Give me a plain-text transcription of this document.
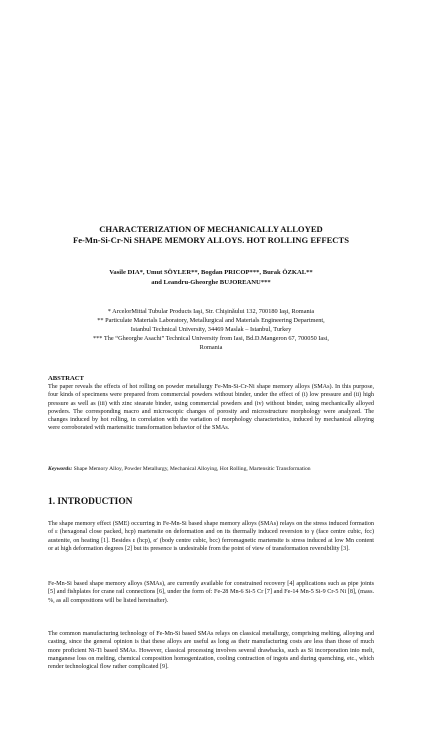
CHARACTERIZATION OF MECHANICALLY ALLOYED
Fe-Mn-Si-Cr-Ni SHAPE MEMORY ALLOYS. HOT ROLLING EFFECTS
Vasile DIA*, Umut SÖYLER**, Bogdan PRICOP***, Burak ÖZKAL**
and Leandru-Gheorghe BUJOREANU***
* ArcelorMittal Tubular Products Iaşi, Str. Chişinăului 132, 700180 Iaşi, Romania
** Particulate Materials Laboratory, Metallurgical and Materials Engineering Department,
Istanbul Technical University, 34469 Maslak – Istanbul, Turkey
*** The “Gheorghe Asachi” Technical University from Iasi, Bd.D.Mangeron 67, 700050 Iasi,
Romania
ABSTRACT
The paper reveals the effects of hot rolling on powder metallurgy Fe-Mn-Si-Cr-Ni shape memory alloys (SMAs). In this purpose, four kinds of specimens were prepared from commercial powders without binder, under the effect of (i) low pressure and (ii) high pressure as well as (iii) with zinc stearate binder, using commercial powders and (iv) without binder, using mechanically alloyed powders. The corresponding macro and microscopic changes of porosity and microstructure morphology were analyzed. The changes induced by hot rolling, in correlation with the variation of morphology characteristics, induced by mechanical alloying were corroborated with martensitic transformation behavior of the SMAs.
Keywords: Shape Memory Alloy, Powder Metallurgy, Mechanical Alloying, Hot Rolling, Martensitic Transformation
1. INTRODUCTION

The shape memory effect (SME) occurring in Fe-Mn-Si based shape memory alloys (SMAs) relays on the stress induced formation of ε (hexagonal close packed, hcp) martensite on deformation and on its thermally induced reversion to γ (face centre cubic, fcc) austenite, on heating [1]. Besides ε (hcp), α′ (body centre cubic, bcc) ferromagnetic martensite is stress induced at low Mn content or at high deformation degrees [2] but its presence is undesirable from the point of view of transformation reversibility [3].

Fe-Mn-Si based shape memory alloys (SMAs), are currently available for constrained recovery [4] applications such as pipe joints [5] and fishplates for crane rail connections [6], under the form of: Fe-28 Mn-6 Si-5 Cr [7] and Fe-14 Mn-5 Si-9 Cr-5 Ni [8], (mass. %, as all compositions will be listed hereinafter).

The common manufacturing technology of Fe-Mn-Si based SMAs relays on classical metallurgy, comprising melting, alloying and casting, since the general opinion is that these alloys are useful as long as their manufacturing costs are less than those of much more proficient Ni-Ti based SMAs. However, classical processing involves several drawbacks, such as Si incorporation into melt, manganese loss on melting, chemical composition homogenization, cooling contraction of ingots and during quenching, etc., which render technological flow rather complicated [9].
